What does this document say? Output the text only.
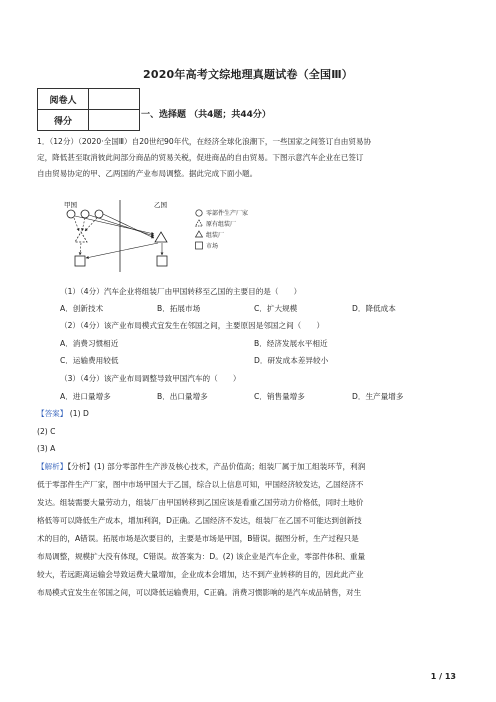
2020年高考文综地理真题试卷（全国Ⅲ）
阅卷人	
得分	
一、选择题 （共4题；共44分）
1．（12分）（2020·全国Ⅲ）自20世纪90年代，在经济全球化浪潮下，一些国家之间签订自由贸易协
定，降低甚至取消彼此间部分商品的贸易关税，促进商品的自由贸易。下图示意汽车企业在已签订
自由贸易协定的甲、乙两国的产业布局调整。据此完成下面小题。
甲国	乙国
零部件生产厂家
原有组装厂
组装厂
市场
（1）（4分）汽车企业将组装厂由甲国转移至乙国的主要目的是（　　）
A．创新技术	B．拓展市场	C．扩大规模	D．降低成本
（2）（4分）该产业布局模式宜发生在邻国之间，主要原因是邻国之间（　　）
A．消费习惯相近	B．经济发展水平相近
C．运输费用较低	D．研发成本差异较小
（3）（4分）该产业布局调整导致甲国汽车的（　　）
A．进口量增多	B．出口量增多	C．销售量增多	D．生产量增多
【答案】 (1) D
(2) C
(3) A
【解析】【分析】(1) 部分零部件生产涉及核心技术，产品价值高；组装厂属于加工组装环节，利润
低于零部件生产厂家，图中市场甲国大于乙国，综合以上信息可知，甲国经济较发达，乙国经济不
发达。组装需要大量劳动力，组装厂由甲国转移到乙国应该是看重乙国劳动力价格低，同时土地价
格低等可以降低生产成本，增加利润，D正确。乙国经济不发达，组装厂在乙国不可能达到创新技
术的目的，A错误。拓展市场是次要目的，主要是市场是甲国，B错误。据图分析，生产过程只是
布局调整，规模扩大没有体现，C错误。故答案为：D。(2) 该企业是汽车企业，零部件体积、重量
较大，若远距离运输会导致运费大量增加，企业成本会增加，达不到产业转移的目的，因此此产业
布局模式宜发生在邻国之间，可以降低运输费用，C正确。消费习惯影响的是汽车成品销售，对生
1 / 13
